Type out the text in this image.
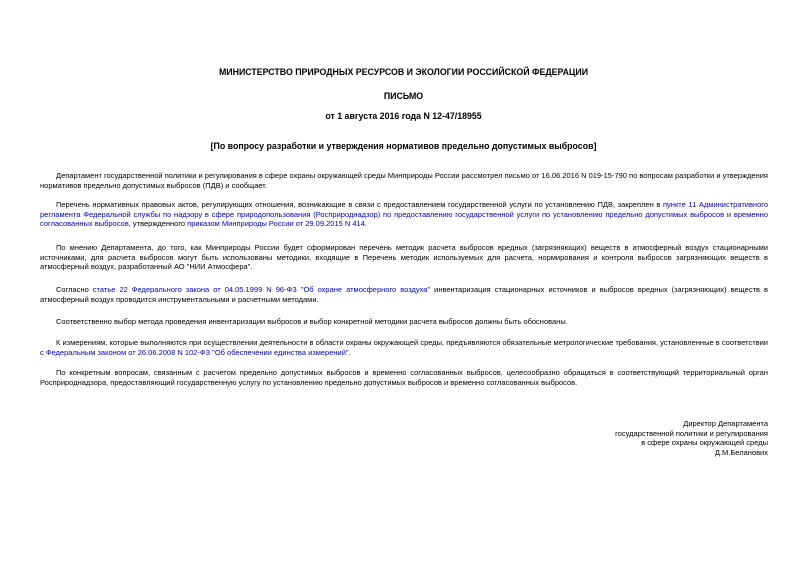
МИНИСТЕРСТВО ПРИРОДНЫХ РЕСУРСОВ И ЭКОЛОГИИ РОССИЙСКОЙ ФЕДЕРАЦИИ
ПИСЬМО
от 1 августа 2016 года N 12-47/18955
[По вопросу разработки и утверждения нормативов предельно допустимых выбросов]

Департамент государственной политики и регулирования в сфере охраны окружающей среды Минприроды России рассмотрел письмо от 16.06.2016 N 019-15-790 по вопросам разработки и утверждения нормативов предельно допустимых выбросов (ПДВ) и сообщает.

Перечень нормативных правовых актов, регулирующих отношения, возникающие в связи с предоставлением государственной услуги по установлению ПДВ, закреплен в пункте 11 Административного регламента Федеральной службы по надзору в сфере природопользования (Росприроднадзор) по предоставлению государственной услуги по установлению предельно допустимых выбросов и временно согласованных выбросов, утвержденного приказом Минприроды России от 29.09.2015 N 414.

По мнению Департамента, до того, как Минприроды России будет сформирован перечень методик расчета выбросов вредных (загрязняющих) веществ в атмосферный воздух стационарными источниками, для расчета выбросов могут быть использованы методики, входящие в Перечень методик используемых для расчета, нормирования и контроля выбросов загрязняющих веществ в атмосферный воздух, разработанный АО "НИИ Атмосфера".

Согласно статье 22 Федерального закона от 04.05.1999 N 96-ФЗ "Об охране атмосферного воздуха" инвентаризация стационарных источников и выбросов вредных (загрязняющих) веществ в атмосферный воздух проводится инструментальными и расчетными методами.

Соответственно выбор метода проведения инвентаризации выбросов и выбор конкретной методики расчета выбросов должны быть обоснованы.

К измерениям, которые выполняются при осуществлении деятельности в области охраны окружающей среды, предъявляются обязательные метрологические требования, установленные в соответствии с Федеральным законом от 26.06.2008 N 102-ФЗ "Об обеспечении единства измерений".

По конкретным вопросам, связанным с расчетом предельно допустимых выбросов и временно согласованных выбросов, целесообразно обращаться в соответствующий территориальный орган Росприроднадзора, предоставляющий государственную услугу по установлению предельно допустимых выбросов и временно согласованных выбросов.

Директор Департамента
государственной политики и регулирования
в сфере охраны окружающей среды
Д.М.Белановиx
